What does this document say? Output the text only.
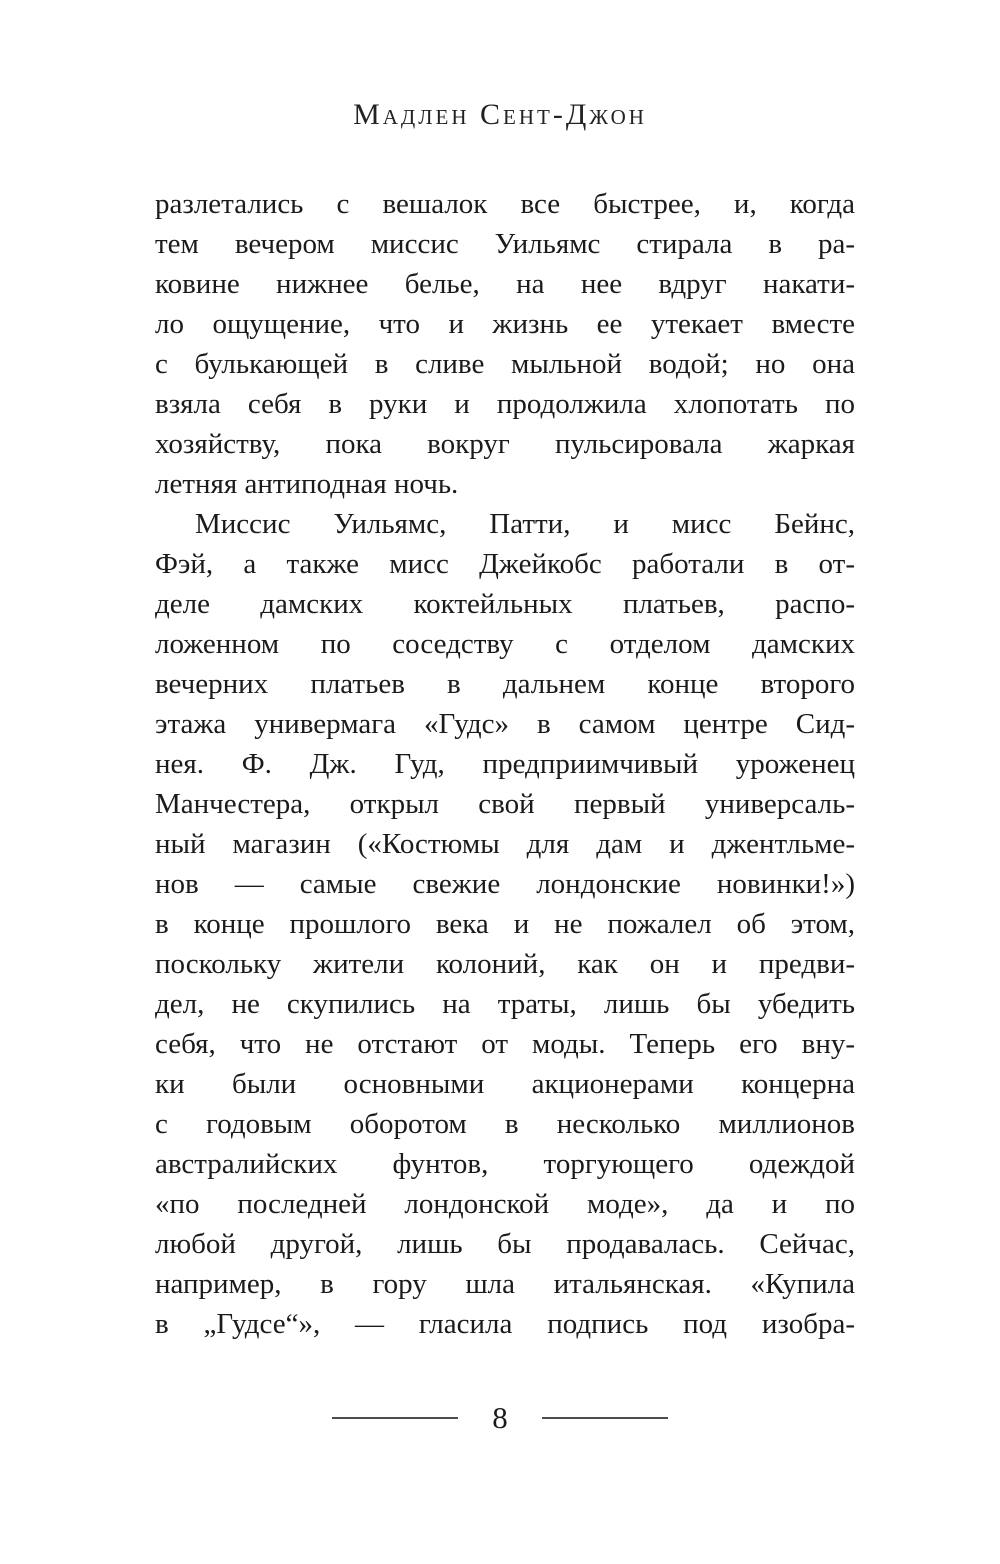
Мадлен Сент-Джон
разлетались с вешалок все быстрее, и, когда
тем вечером миссис Уильямс стирала в ра-
ковине нижнее белье, на нее вдруг накати-
ло ощущение, что и жизнь ее утекает вместе
с булькающей в сливе мыльной водой; но она
взяла себя в руки и продолжила хлопотать по
хозяйству, пока вокруг пульсировала жаркая
летняя антиподная ночь.
Миссис Уильямс, Патти, и мисс Бейнс,
Фэй, а также мисс Джейкобс работали в от-
деле дамских коктейльных платьев, распо-
ложенном по соседству с отделом дамских
вечерних платьев в дальнем конце второго
этажа универмага «Гудс» в самом центре Сид-
нея. Ф. Дж. Гуд, предприимчивый уроженец
Манчестера, открыл свой первый универсаль-
ный магазин («Костюмы для дам и джентльме-
нов — самые свежие лондонские новинки!»)
в конце прошлого века и не пожалел об этом,
поскольку жители колоний, как он и предви-
дел, не скупились на траты, лишь бы убедить
себя, что не отстают от моды. Теперь его вну-
ки были основными акционерами концерна
с годовым оборотом в несколько миллионов
австралийских фунтов, торгующего одеждой
«по последней лондонской моде», да и по
любой другой, лишь бы продавалась. Сейчас,
например, в гору шла итальянская. «Купила
в „Гудсе“», — гласила подпись под изобра-
8
